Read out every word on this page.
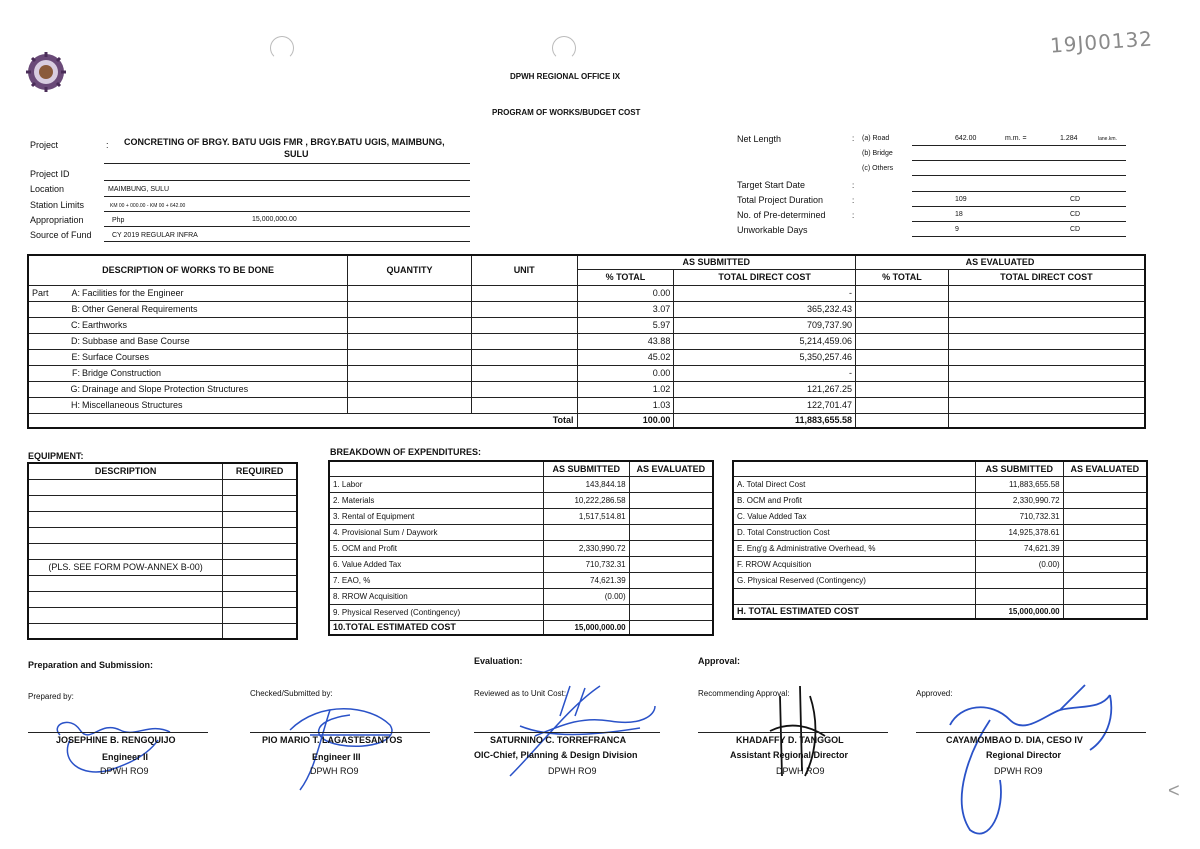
19J00132
DPWH REGIONAL OFFICE IX
PROGRAM OF WORKS/BUDGET COST
Project	: CONCRETING OF BRGY. BATU UGIS FMR , BRGY.BATU UGIS, MAIMBUNG,
SULU
Project ID
Location	MAIMBUNG, SULU
Station Limits	KM 00 + 000.00 - KM 00 + 642.00
Appropriation	Php	15,000,000.00
Source of Fund	CY 2019 REGULAR INFRA
Net Length	: (a) Road	642.00	m.m. =	1.284	lane.km.
(b) Bridge
(c) Others
Target Start Date	:
Total Project Duration	:	109	CD
No. of Pre-determined	:	18	CD
Unworkable Days	9	CD
DESCRIPTION OF WORKS TO BE DONE	QUANTITY	UNIT	AS SUBMITTED		AS EVALUATED	
			% TOTAL	TOTAL DIRECT COST	% TOTAL	TOTAL DIRECT COST
Part A: Facilities for the Engineer			0.00	-		
B: Other General Requirements			3.07	365,232.43		
C: Earthworks			5.97	709,737.90		
D: Subbase and Base Course			43.88	5,214,459.06		
E: Surface Courses			45.02	5,350,257.46		
F: Bridge Construction			0.00	-		
G: Drainage and Slope Protection Structures			1.02	121,267.25		
H: Miscellaneous Structures			1.03	122,701.47		
Total			100.00	11,883,655.58		
EQUIPMENT:
DESCRIPTION	REQUIRED

(PLS. SEE FORM POW-ANNEX B-00)	

BREAKDOWN OF EXPENDITURES:
	AS SUBMITTED	AS EVALUATED
1. Labor	143,844.18	
2. Materials	10,222,286.58	
3. Rental of Equipment	1,517,514.81	
4. Provisional Sum / Daywork		
5. OCM and Profit	2,330,990.72	
6. Value Added Tax	710,732.31	
7. EAO, %	74,621.39	
8. RROW Acquisition	(0.00)	
9. Physical Reserved (Contingency)		
10.TOTAL ESTIMATED COST	15,000,000.00	
	AS SUBMITTED	AS EVALUATED
A. Total Direct Cost	11,883,655.58	
B. OCM and Profit	2,330,990.72	
C. Value Added Tax	710,732.31	
D. Total Construction Cost	14,925,378.61	
E. Eng'g & Administrative Overhead, %	74,621.39	
F. RROW Acquisition	(0.00)	
G. Physical Reserved (Contingency)		

H. TOTAL ESTIMATED COST	15,000,000.00	
Preparation and Submission:	Evaluation:	Approval:
Prepared by:	Checked/Submitted by:	Reviewed as to Unit Cost:	Recommending Approval:	Approved:
JOSEPHINE B. RENGQUIJO
Engineer II
DPWH RO9
PIO MARIO T. LAGASTESANTOS
Engineer III
DPWH RO9
SATURNINO C. TORREFRANCA
OIC-Chief, Planning & Design Division
DPWH RO9
KHADAFFY D. TANGGOL
Assistant Regional Director
DPWH RO9
CAYAMOMBAO D. DIA, CESO IV
Regional Director
DPWH RO9
<
